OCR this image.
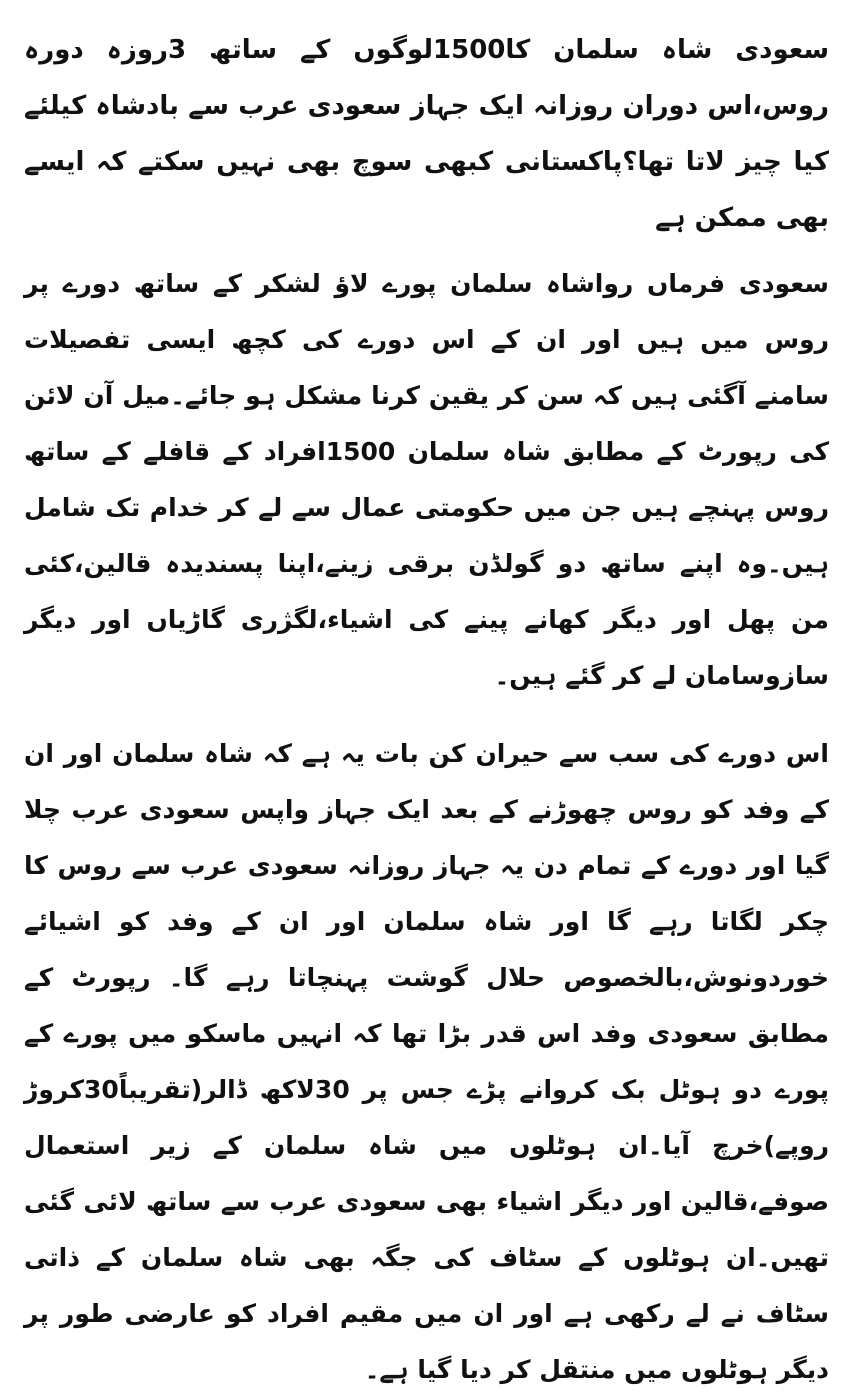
سعودی شاہ سلمان کا1500لوگوں کے ساتھ 3روزہ دورہ روس،اس دوران روزانہ ایک جہاز سعودی عرب سے بادشاہ کیلئے کیا چیز لاتا تھا؟پاکستانی کبھی سوچ بھی نہیں سکتے کہ ایسے بھی ممکن ہے

سعودی فرماں رواشاہ سلمان پورے لاؤ لشکر کے ساتھ دورے پر روس میں ہیں اور ان کے اس دورے کی کچھ ایسی تفصیلات سامنے آگئی ہیں کہ سن کر یقین کرنا مشکل ہو جائے۔میل آن لائن کی رپورٹ کے مطابق شاہ سلمان 1500افراد کے قافلے کے ساتھ روس پہنچے ہیں جن میں حکومتی عمال سے لے کر خدام تک شامل ہیں۔وہ اپنے ساتھ دو گولڈن برقی زینے،اپنا پسندیدہ قالین،کئی من پھل اور دیگر کھانے پینے کی اشیاء،لگژری گاڑیاں اور دیگر سازوسامان لے کر گئے ہیں۔

اس دورے کی سب سے حیران کن بات یہ ہے کہ شاہ سلمان اور ان کے وفد کو روس چھوڑنے کے بعد ایک جہاز واپس سعودی عرب چلا گیا اور دورے کے تمام دن یہ جہاز روزانہ سعودی عرب سے روس کا چکر لگاتا رہے گا اور شاہ سلمان اور ان کے وفد کو اشیائے خوردونوش،بالخصوص حلال گوشت پہنچاتا رہے گا۔ رپورٹ کے مطابق سعودی وفد اس قدر بڑا تھا کہ انہیں ماسکو میں پورے کے پورے دو ہوٹل بک کروانے پڑے جس پر 30لاکھ ڈالر(تقریباً30کروڑ روپے)خرچ آیا۔ان ہوٹلوں میں شاہ سلمان کے زیر استعمال صوفے،قالین اور دیگر اشیاء بھی سعودی عرب سے ساتھ لائی گئی تھیں۔ان ہوٹلوں کے سٹاف کی جگہ بھی شاہ سلمان کے ذاتی سٹاف نے لے رکھی ہے اور ان میں مقیم افراد کو عارضی طور پر دیگر ہوٹلوں میں منتقل کر دیا گیا ہے۔
